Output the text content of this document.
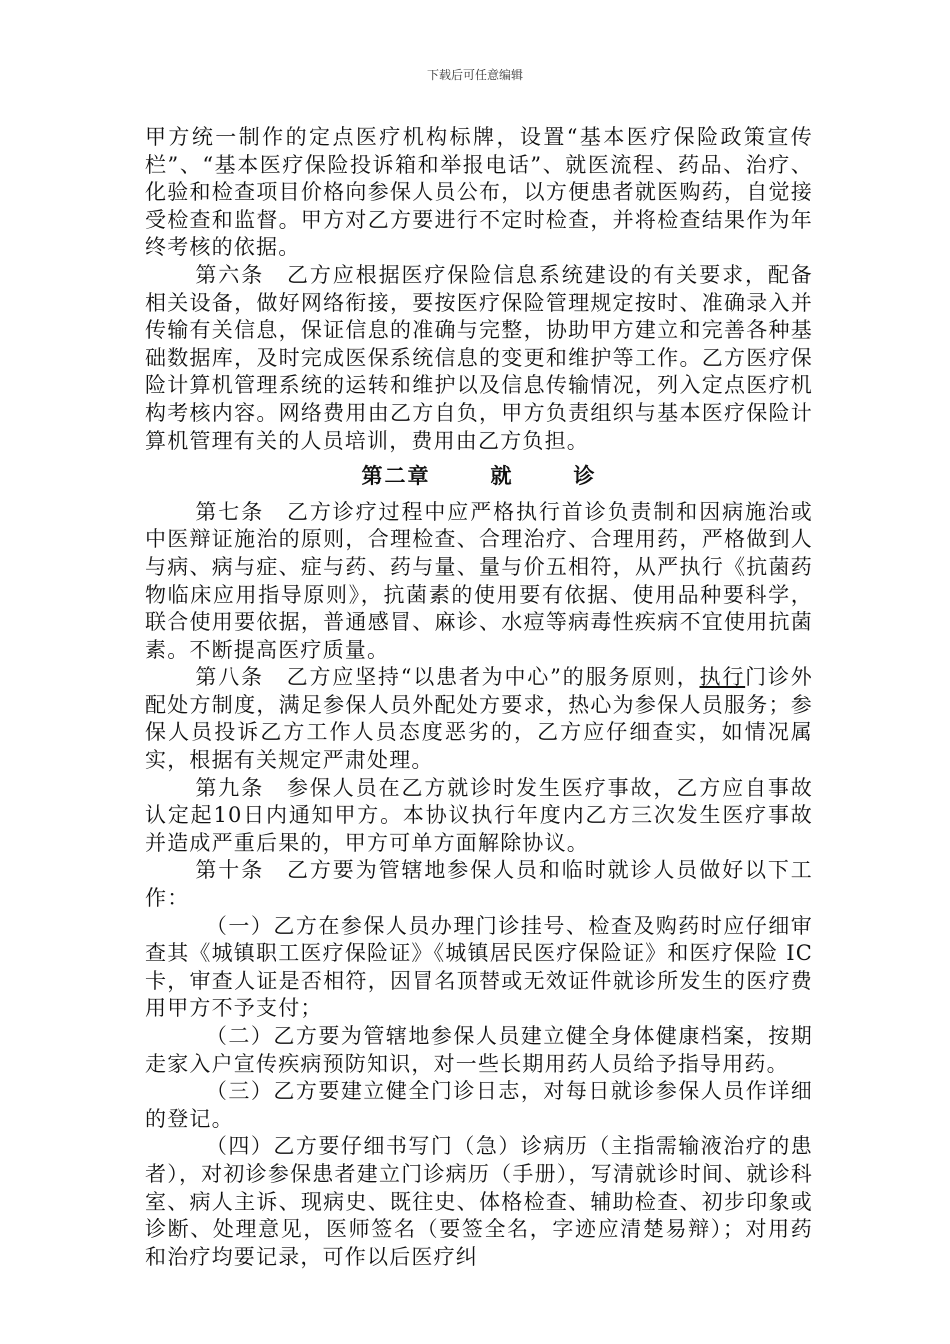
下载后可任意编辑

甲方统一制作的定点医疗机构标牌，设置“基本医疗保险政策宣传栏”、“基本医疗保险投诉箱和举报电话”、就医流程、药品、治疗、化验和检查项目价格向参保人员公布，以方便患者就医购药，自觉接受检查和监督。甲方对乙方要进行不定时检查，并将检查结果作为年终考核的依据。

第六条　乙方应根据医疗保险信息系统建设的有关要求，配备相关设备，做好网络衔接，要按医疗保险管理规定按时、准确录入并传输有关信息，保证信息的准确与完整，协助甲方建立和完善各种基础数据库，及时完成医保系统信息的变更和维护等工作。乙方医疗保险计算机管理系统的运转和维护以及信息传输情况，列入定点医疗机构考核内容。网络费用由乙方自负，甲方负责组织与基本医疗保险计算机管理有关的人员培训，费用由乙方负担。

第二章	就	诊

第七条　乙方诊疗过程中应严格执行首诊负责制和因病施治或中医辩证施治的原则，合理检查、合理治疗、合理用药，严格做到人与病、病与症、症与药、药与量、量与价五相符，从严执行《抗菌药物临床应用指导原则》，抗菌素的使用要有依据、使用品种要科学，联合使用要依据，普通感冒、麻诊、水痘等病毒性疾病不宜使用抗菌素。不断提高医疗质量。

第八条　乙方应坚持“以患者为中心”的服务原则，执行门诊外配处方制度，满足参保人员外配处方要求，热心为参保人员服务；参保人员投诉乙方工作人员态度恶劣的，乙方应仔细查实，如情况属实，根据有关规定严肃处理。

第九条　参保人员在乙方就诊时发生医疗事故，乙方应自事故认定起10日内通知甲方。本协议执行年度内乙方三次发生医疗事故并造成严重后果的，甲方可单方面解除协议。

第十条　乙方要为管辖地参保人员和临时就诊人员做好以下工作：

（一）乙方在参保人员办理门诊挂号、检查及购药时应仔细审查其《城镇职工医疗保险证》《城镇居民医疗保险证》和医疗保险 IC 卡，审查人证是否相符，因冒名顶替或无效证件就诊所发生的医疗费用甲方不予支付；

（二）乙方要为管辖地参保人员建立健全身体健康档案，按期走家入户宣传疾病预防知识，对一些长期用药人员给予指导用药。

（三）乙方要建立健全门诊日志，对每日就诊参保人员作详细的登记。

（四）乙方要仔细书写门（急）诊病历（主指需输液治疗的患者），对初诊参保患者建立门诊病历（手册），写清就诊时间、就诊科室、病人主诉、现病史、既往史、体格检查、辅助检查、初步印象或诊断、处理意见，医师签名（要签全名，字迹应清楚易辩）；对用药和治疗均要记录，可作以后医疗纠
